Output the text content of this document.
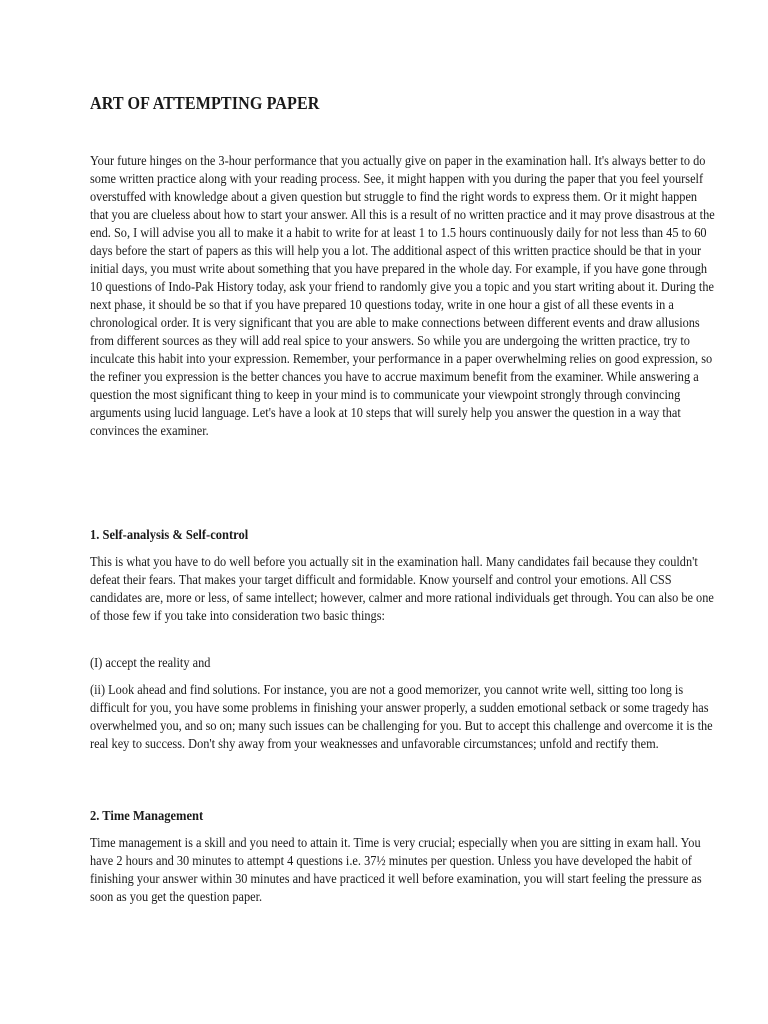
ART OF ATTEMPTING PAPER

Your future hinges on the 3-hour performance that you actually give on paper in the examination hall. It's always better to do some written practice along with your reading process. See, it might happen with you during the paper that you feel yourself overstuffed with knowledge about a given question but struggle to find the right words to express them. Or it might happen that you are clueless about how to start your answer. All this is a result of no written practice and it may prove disastrous at the end. So, I will advise you all to make it a habit to write for at least 1 to 1.5 hours continuously daily for not less than 45 to 60 days before the start of papers as this will help you a lot. The additional aspect of this written practice should be that in your initial days, you must write about something that you have prepared in the whole day. For example, if you have gone through 10 questions of Indo-Pak History today, ask your friend to randomly give you a topic and you start writing about it. During the next phase, it should be so that if you have prepared 10 questions today, write in one hour a gist of all these events in a chronological order. It is very significant that you are able to make connections between different events and draw allusions from different sources as they will add real spice to your answers. So while you are undergoing the written practice, try to inculcate this habit into your expression. Remember, your performance in a paper overwhelming relies on good expression, so the refiner you expression is the better chances you have to accrue maximum benefit from the examiner. While answering a question the most significant thing to keep in your mind is to communicate your viewpoint strongly through convincing arguments using lucid language. Let's have a look at 10 steps that will surely help you answer the question in a way that convinces the examiner.

1. Self-analysis & Self-control

This is what you have to do well before you actually sit in the examination hall. Many candidates fail because they couldn't defeat their fears. That makes your target difficult and formidable. Know yourself and control your emotions. All CSS candidates are, more or less, of same intellect; however, calmer and more rational individuals get through. You can also be one of those few if you take into consideration two basic things:

(I) accept the reality and

(ii) Look ahead and find solutions. For instance, you are not a good memorizer, you cannot write well, sitting too long is difficult for you, you have some problems in finishing your answer properly, a sudden emotional setback or some tragedy has overwhelmed you, and so on; many such issues can be challenging for you. But to accept this challenge and overcome it is the real key to success. Don't shy away from your weaknesses and unfavorable circumstances; unfold and rectify them.

2. Time Management

Time management is a skill and you need to attain it. Time is very crucial; especially when you are sitting in exam hall. You have 2 hours and 30 minutes to attempt 4 questions i.e. 37½ minutes per question. Unless you have developed the habit of finishing your answer within 30 minutes and have practiced it well before examination, you will start feeling the pressure as soon as you get the question paper.
